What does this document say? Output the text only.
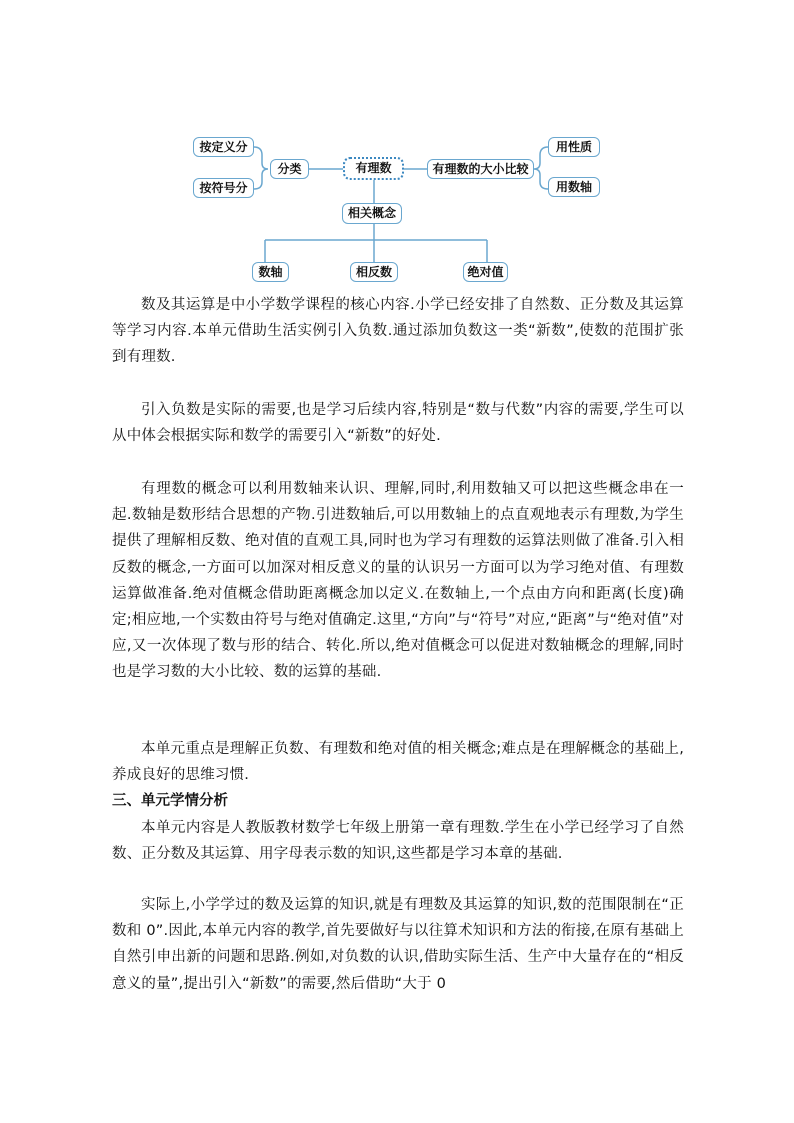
按定义分
按符号分
分类	有理数	有理数的大小比较
用性质
用数轴
相关概念
数轴	相反数	绝对值

数及其运算是中小学数学课程的核心内容.小学已经安排了自然数、正分数及其运算等学习内容.本单元借助生活实例引入负数.通过添加负数这一类“新数”,使数的范围扩张到有理数.

引入负数是实际的需要,也是学习后续内容,特别是“数与代数”内容的需要,学生可以从中体会根据实际和数学的需要引入“新数”的好处.

有理数的概念可以利用数轴来认识、理解,同时,利用数轴又可以把这些概念串在一起.数轴是数形结合思想的产物.引进数轴后,可以用数轴上的点直观地表示有理数,为学生提供了理解相反数、绝对值的直观工具,同时也为学习有理数的运算法则做了准备.引入相反数的概念,一方面可以加深对相反意义的量的认识另一方面可以为学习绝对值、有理数运算做准备.绝对值概念借助距离概念加以定义.在数轴上,一个点由方向和距离(长度)确定;相应地,一个实数由符号与绝对值确定.这里,“方向”与“符号”对应,“距离”与“绝对值”对应,又一次体现了数与形的结合、转化.所以,绝对值概念可以促进对数轴概念的理解,同时也是学习数的大小比较、数的运算的基础.

本单元重点是理解正负数、有理数和绝对值的相关概念;难点是在理解概念的基础上,养成良好的思维习惯.

三、单元学情分析

本单元内容是人教版教材数学七年级上册第一章有理数.学生在小学已经学习了自然数、正分数及其运算、用字母表示数的知识,这些都是学习本章的基础.

实际上,小学学过的数及运算的知识,就是有理数及其运算的知识,数的范围限制在“正数和 0”.因此,本单元内容的教学,首先要做好与以往算术知识和方法的衔接,在原有基础上自然引申出新的问题和思路.例如,对负数的认识,借助实际生活、生产中大量存在的“相反意义的量”,提出引入“新数”的需要,然后借助“大于 0
